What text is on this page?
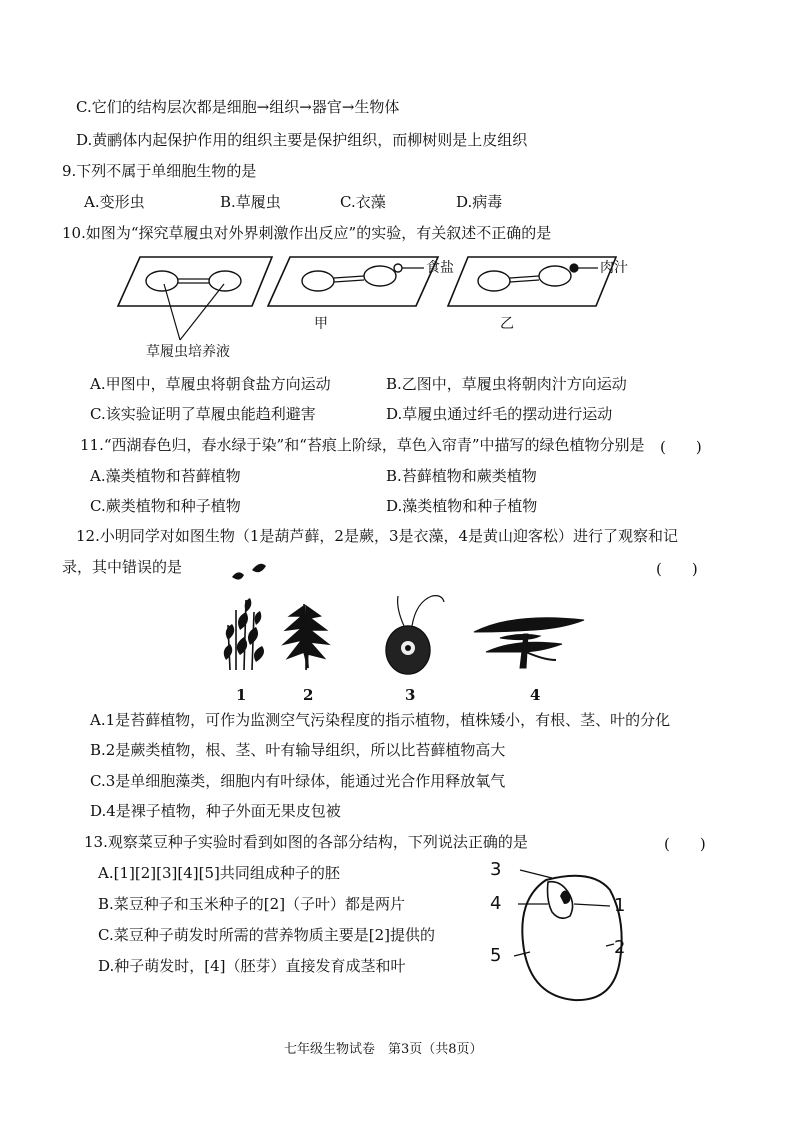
C.它们的结构层次都是细胞→组织→器官→生物体
D.黄鹂体内起保护作用的组织主要是保护组织，而柳树则是上皮组织
9.下列不属于单细胞生物的是
A.变形虫	B.草履虫	C.衣藻	D.病毒
10.如图为“探究草履虫对外界刺激作出反应”的实验，有关叙述不正确的是
食盐	肉汁
甲	乙
草履虫培养液
A.甲图中，草履虫将朝食盐方向运动	B.乙图中，草履虫将朝肉汁方向运动
C.该实验证明了草履虫能趋利避害	D.草履虫通过纤毛的摆动进行运动
11.“西湖春色归，春水绿于染”和“苔痕上阶绿，草色入帘青”中描写的绿色植物分别是 (　　)
A.藻类植物和苔藓植物	B.苔藓植物和蕨类植物
C.蕨类植物和种子植物	D.藻类植物和种子植物
12.小明同学对如图生物（1是葫芦藓，2是蕨，3是衣藻，4是黄山迎客松）进行了观察和记
录，其中错误的是	(　　)
1	2	3	4
A.1是苔藓植物，可作为监测空气污染程度的指示植物，植株矮小，有根、茎、叶的分化
B.2是蕨类植物，根、茎、叶有输导组织，所以比苔藓植物高大
C.3是单细胞藻类，细胞内有叶绿体，能通过光合作用释放氧气
D.4是裸子植物，种子外面无果皮包被
13.观察菜豆种子实验时看到如图的各部分结构，下列说法正确的是	(　　)
3
4
5
1
2
A.[1][2][3][4][5]共同组成种子的胚
B.菜豆种子和玉米种子的[2]（子叶）都是两片
C.菜豆种子萌发时所需的营养物质主要是[2]提供的
D.种子萌发时，[4]（胚芽）直接发育成茎和叶
七年级生物试卷　第3页（共8页）
